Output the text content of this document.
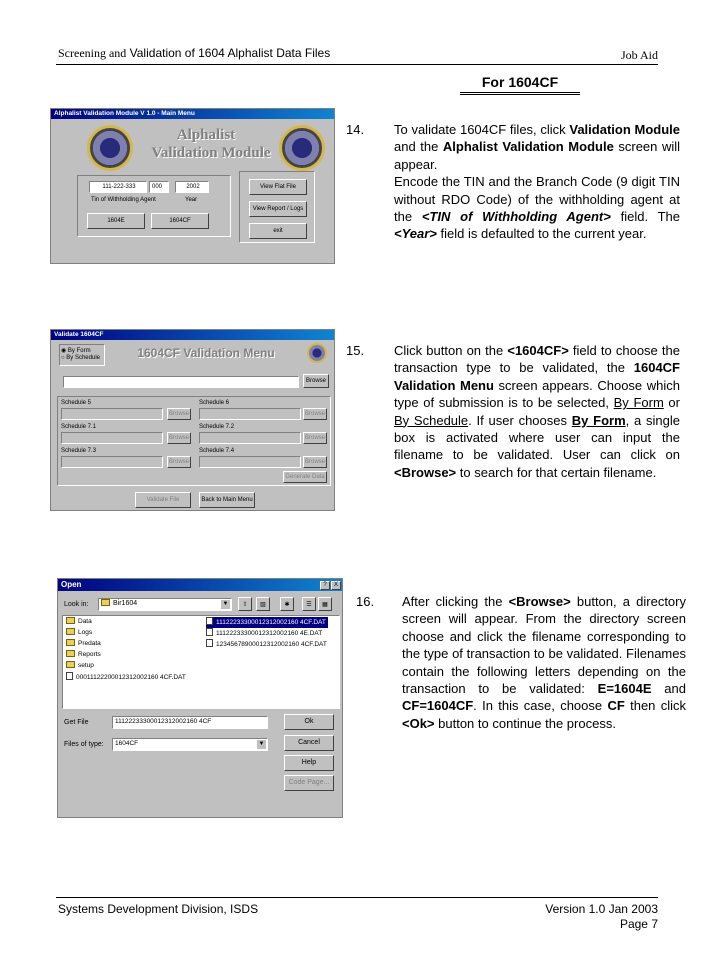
Screening and Validation of 1604 Alphalist Data Files	Job Aid
For 1604CF
Alphalist Validation Module V 1.0 - Main Menu
Alphalist
Validation Module
111-222-333	000	2002
Tin of Withholding Agent	Year
1604E	1604CF
View Flat File
View Report / Logs
exit
14. To validate 1604CF files, click Validation Module and the Alphalist Validation Module screen will appear.
Encode the TIN and the Branch Code (9 digit TIN without RDO Code) of the withholding agent at the <TIN of Withholding Agent> field. The <Year> field is defaulted to the current year.
Validate 1604CF
◉ By Form
○ By Schedule	1604CF Validation Menu
Browse
Schedule 5
Browse
Schedule 6
Browse
Schedule 7.1
Browse
Schedule 7.2
Browse
Schedule 7.3
Browse
Schedule 7.4
Browse
Generate Data
Validate File	Back to Main Menu
15. Click button on the <1604CF> field to choose the transaction type to be validated, the 1604CF Validation Menu screen appears. Choose which type of submission is to be selected, By Form or By Schedule. If user chooses By Form, a single box is activated where user can input the filename to be validated. User can click on <Browse> to search for that certain filename.
Open	?	X
Look in:	Bir1604	▼	⇧	▧	✱	☰	▦
Data
Logs
Predata
Reports
setup
00011122200012312002160 4CF.DAT
11122233300012312002160 4CF.DAT
11122233300012312002160 4E.DAT
12345678900012312002160 4CF.DAT
Get File	11122233300012312002160 4CF
Files of type:	1604CF	▼
Ok
Cancel
Help
Code Page...
16. After clicking the <Browse> button, a directory screen will appear. From the directory screen choose and click the filename corresponding to the type of transaction to be validated. Filenames contain the following letters depending on the transaction to be validated: E=1604E and CF=1604CF. In this case, choose CF then click <Ok> button to continue the process.
Systems Development Division, ISDS	Version 1.0 Jan 2003
Page 7
